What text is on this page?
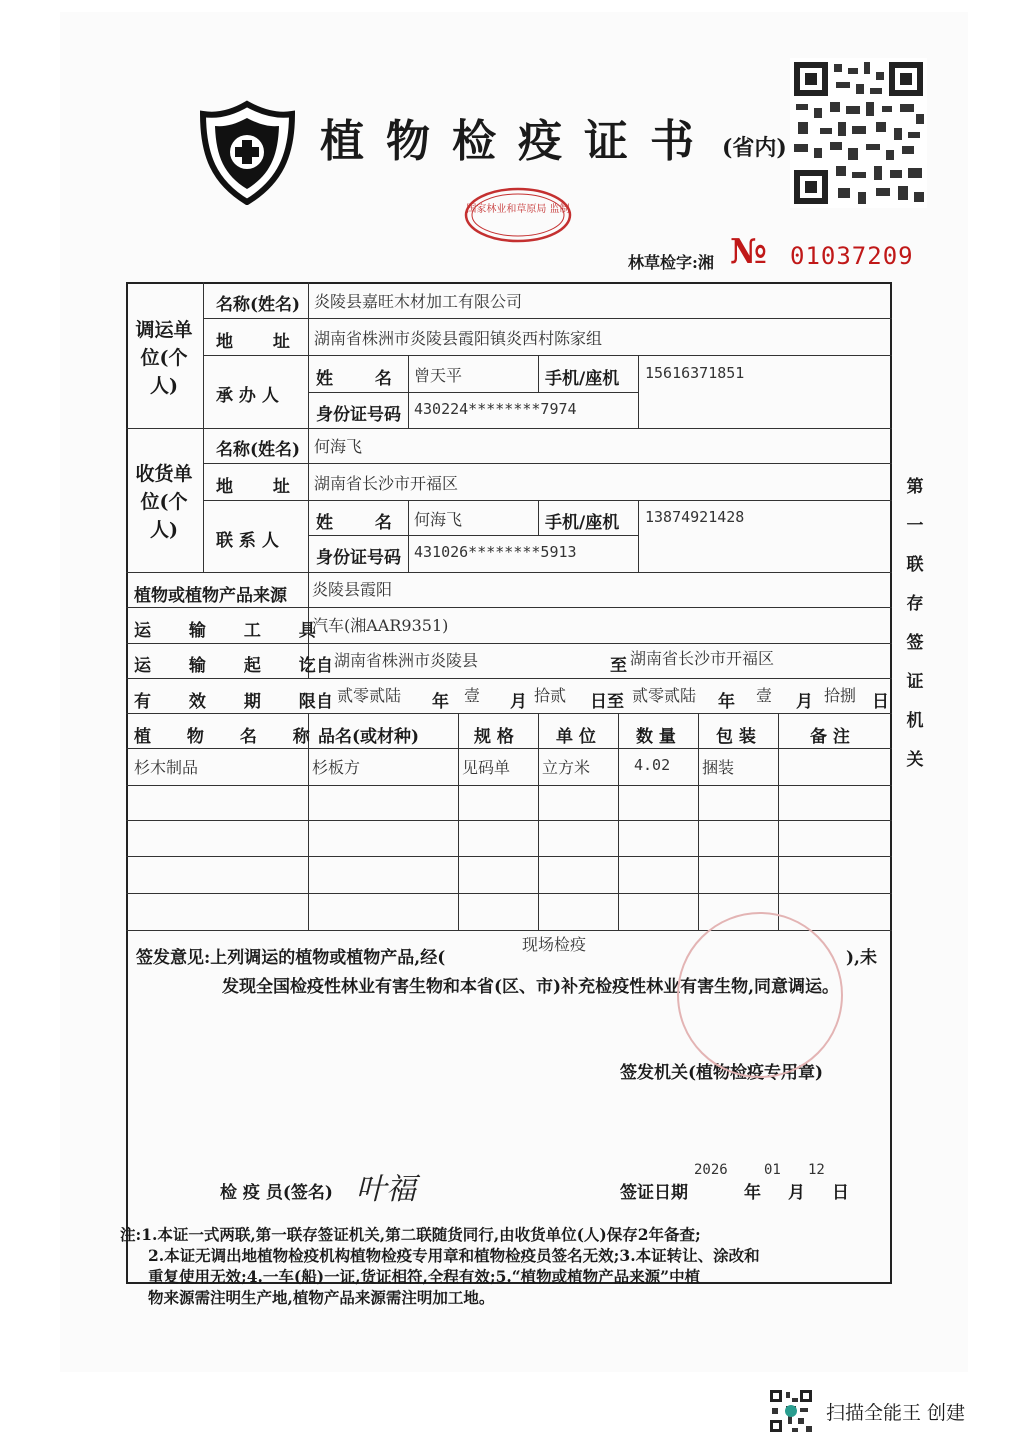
植物检疫证书 (省内)
国家林业和草原局 监制
林草检字:湘 № 01037209
调运单位(个人)
名称(姓名) 炎陵县嘉旺木材加工有限公司
地 址 湖南省株洲市炎陵县霞阳镇炎西村陈家组
承 办 人
姓 名 曾天平	手机/座机 15616371851
身份证号码 430224********7974
收货单位(个人)
名称(姓名) 何海飞
地 址 湖南省长沙市开福区
联 系 人
姓 名 何海飞	手机/座机 13874921428
身份证号码 431026********5913
植物或植物产品来源 炎陵县霞阳
运 输 工 具
汽车(湘AAR9351)
运 输 起 讫 自 湖南省株洲市炎陵县	至 湖南省长沙市开福区
有 效 期 限 自 贰零贰陆 年 壹 月 拾贰 日至 贰零贰陆 年 壹 月 拾捌 日
植 物 名 称 品名(或材种)	规 格 单 位 数 量 包 装	备 注
杉木制品	杉板方	见码单 立方米	4.02 捆装
签发意见:上列调运的植物或植物产品,经(
现场检疫
),未
发现全国检疫性林业有害生物和本省(区、市)补充检疫性林业有害生物,同意调运。
签发机关(植物检疫专用章)
检 疫 员(签名) 叶福	签证日期
2026
年
01
月
12
日
第一联存签证机关
注:1.本证一式两联,第一联存签证机关,第二联随货同行,由收货单位(人)保存2年备查;
2.本证无调出地植物检疫机构植物检疫专用章和植物检疫员签名无效;3.本证转让、涂改和
重复使用无效;4.一车(船)一证,货证相符,全程有效;5.“植物或植物产品来源”中植
物来源需注明生产地,植物产品来源需注明加工地。
扫描全能王 创建
